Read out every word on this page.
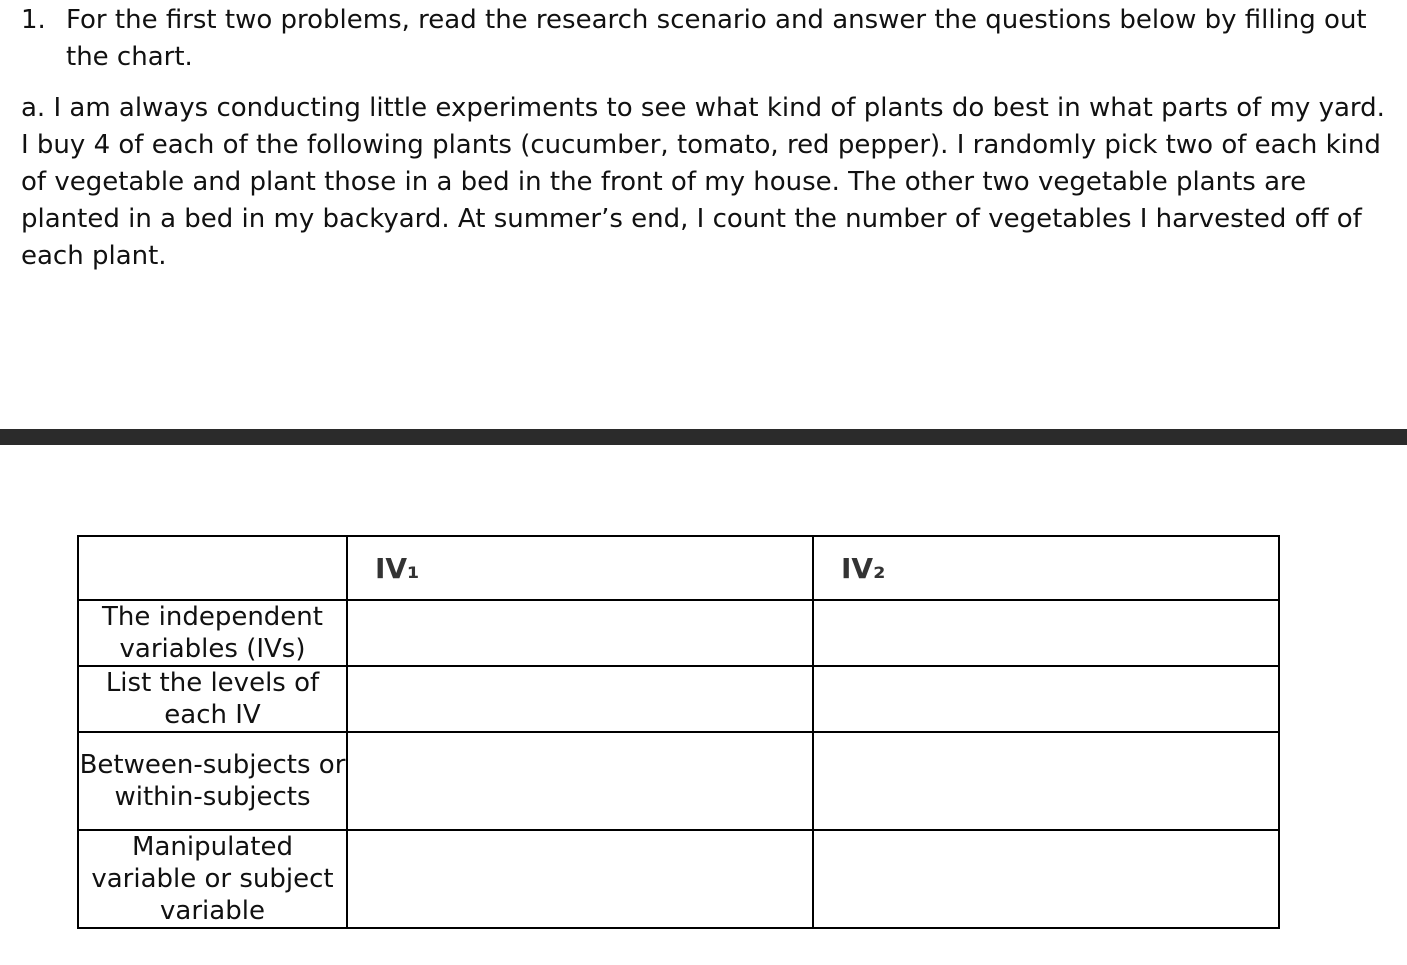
1. For the first two problems, read the research scenario and answer the questions below by filling out the chart.
a. I am always conducting little experiments to see what kind of plants do best in what parts of my yard. I buy 4 of each of the following plants (cucumber, tomato, red pepper). I randomly pick two of each kind of vegetable and plant those in a bed in the front of my house. The other two vegetable plants are planted in a bed in my backyard. At summer’s end, I count the number of vegetables I harvested off of each plant.
	IV₁	IV₂
The independent variables (IVs)		
List the levels of each IV		
Between-subjects or within-subjects		
Manipulated variable or subject variable		
